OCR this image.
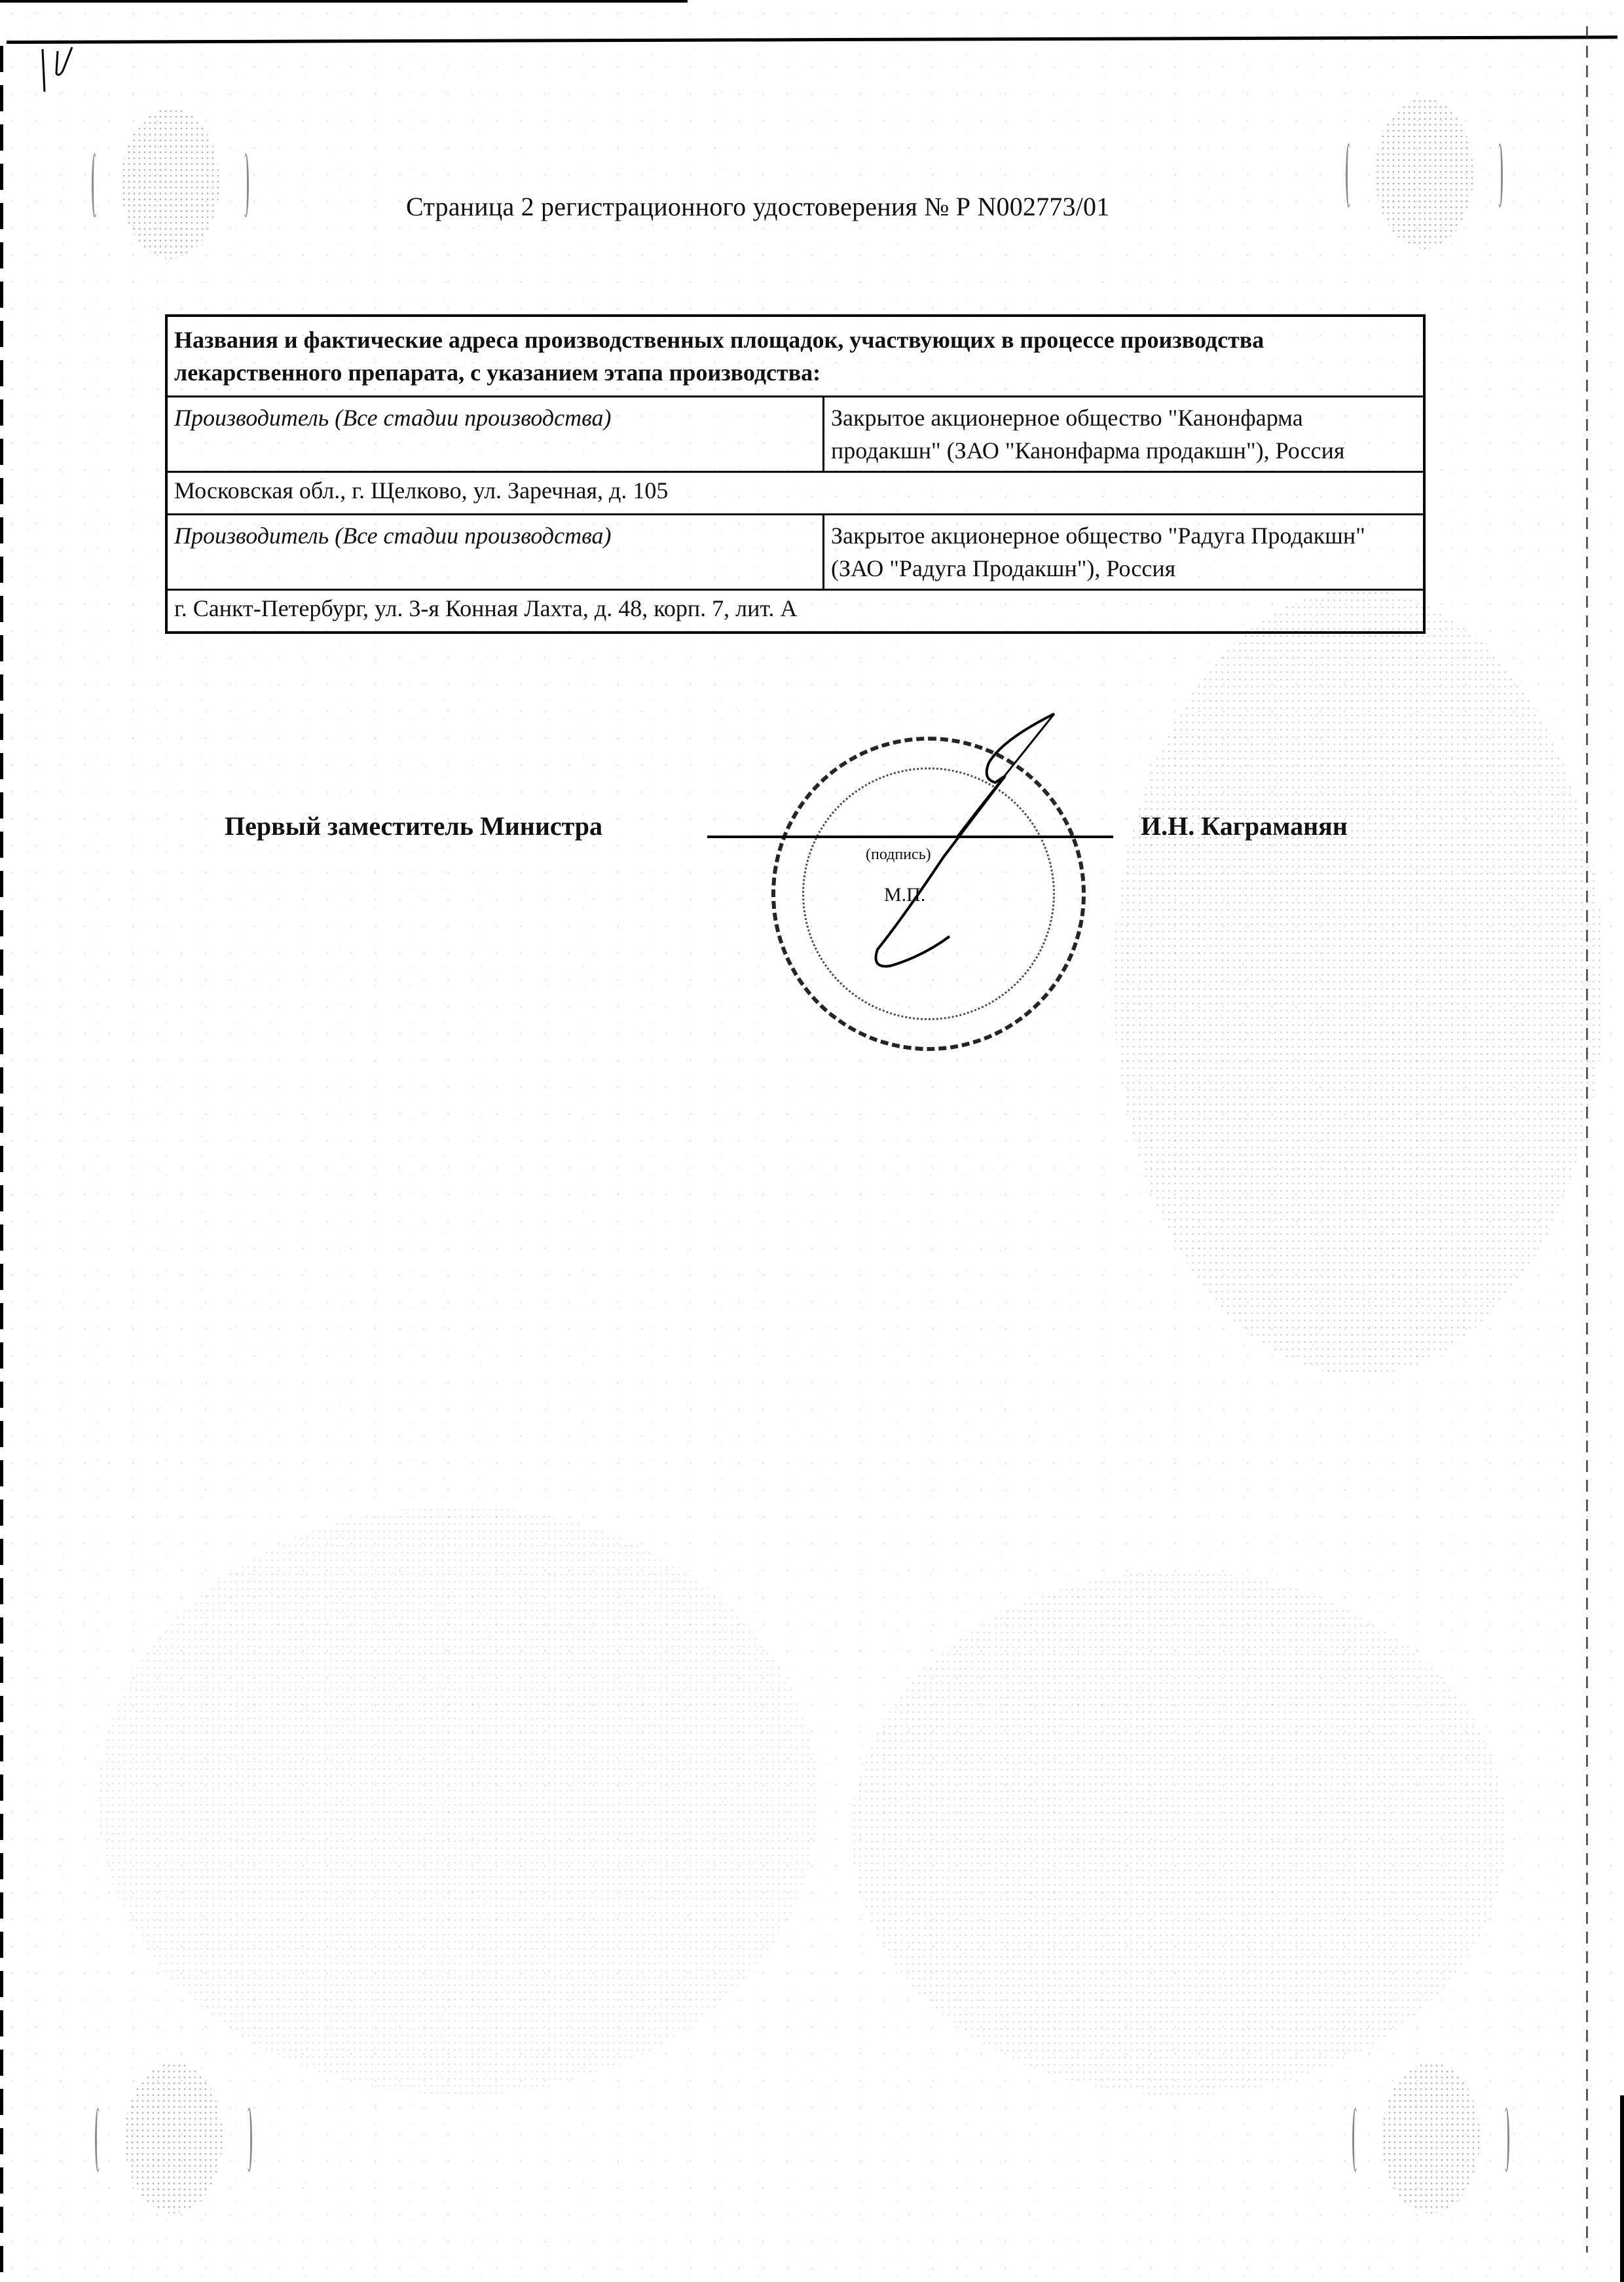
Страница 2 регистрационного удостоверения № Р N002773/01
Названия и фактические адреса производственных площадок, участвующих в процессе производства лекарственного препарата, с указанием этапа производства:	
Производитель (Все стадии производства)	Закрытое акционерное общество "Канонфарма продакшн" (ЗАО "Канонфарма продакшн"), Россия
Московская обл., г. Щелково, ул. Заречная, д. 105	
Производитель (Все стадии производства)	Закрытое акционерное общество "Радуга Продакшн" (ЗАО "Радуга Продакшн"), Россия
г. Санкт-Петербург, ул. 3-я Конная Лахта, д. 48, корп. 7, лит. А	
Первый заместитель Министра
(подпись)
М.П.
И.Н. Каграманян
